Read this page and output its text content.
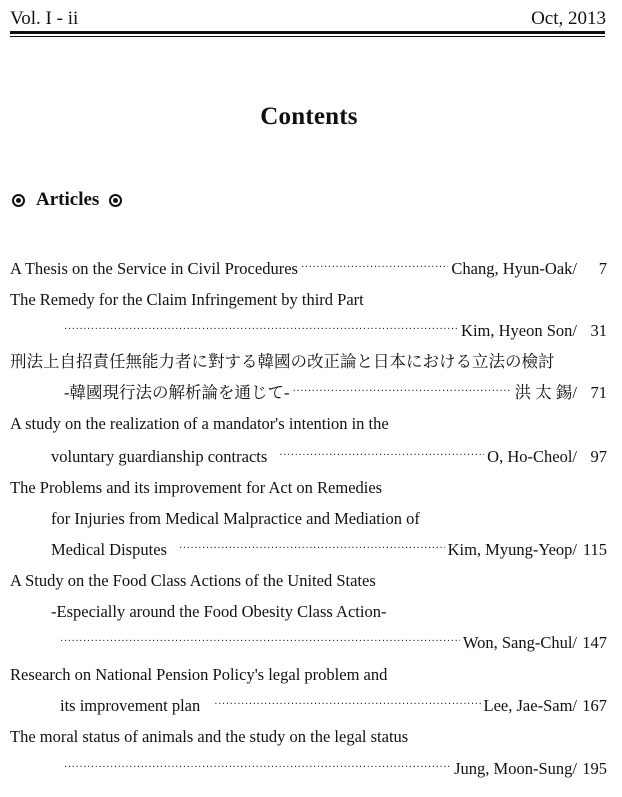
Vol. I - ii	Oct, 2013
Contents
Articles
A Thesis on the Service in Civil Procedures ·····	Chang, Hyun-Oak/	7
The Remedy for the Claim Infringement by third Part
·····
Kim, Hyeon Son/ 31
刑法上自招責任無能力者に對する韓國の改正論と日本における立法の檢討
-韓國現行法の解析論を通じて- ·····	洪 太 錫/ 71
A study on the realization of a mandator's intention in the
voluntary guardianship contracts ·····	O, Ho-Cheol/ 97
The Problems and its improvement for Act on Remedies
for Injuries from Medical Malpractice and Mediation of
Medical Disputes ·····	Kim, Myung-Yeop/ 115
A Study on the Food Class Actions of the United States
-Especially around the Food Obesity Class Action-
·····
Won, Sang-Chul/ 147
Research on National Pension Policy's legal problem and
its improvement plan ·····	Lee, Jae-Sam/ 167
The moral status of animals and the study on the legal status
·····
Jung, Moon-Sung/ 195
